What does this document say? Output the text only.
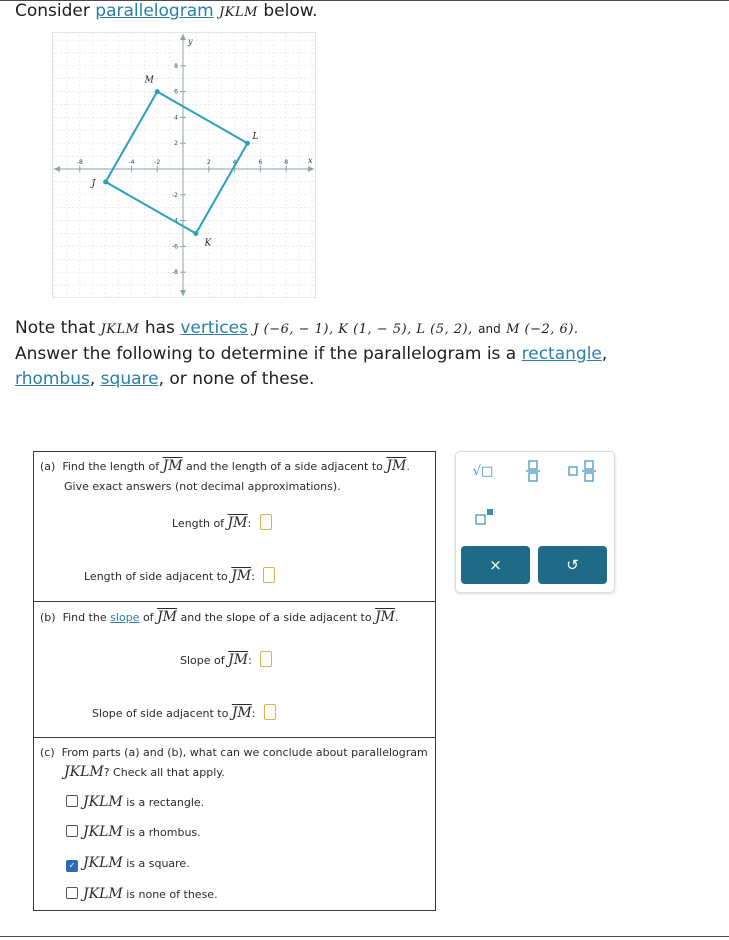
Consider parallelogram JKLM below.
-8	-4	-2	2	4	6	8
8
6
4
2
-2
-4
-6
-8
J
K
L
M
x
y
Note that JKLM has vertices J (−6, − 1), K (1, − 5), L (5, 2), and M (−2, 6).
Answer the following to determine if the parallelogram is a rectangle,
rhombus, square, or none of these.
(a) Find the length of $\overline{JM}$ and the length of a side adjacent to $\overline{JM}$.
Give exact answers (not decimal approximations).
Length of $\overline{JM}$:
Length of side adjacent to $\overline{JM}$:
(b) Find the slope of $\overline{JM}$ and the slope of a side adjacent to $\overline{JM}$.
Slope of $\overline{JM}$:
Slope of side adjacent to $\overline{JM}$:
(c) From parts (a) and (b), what can we conclude about parallelogram
JKLM? Check all that apply.
JKLM is a rectangle.
JKLM is a rhombus.
✓ JKLM is a square.
JKLM is none of these.
√□
×	↺
